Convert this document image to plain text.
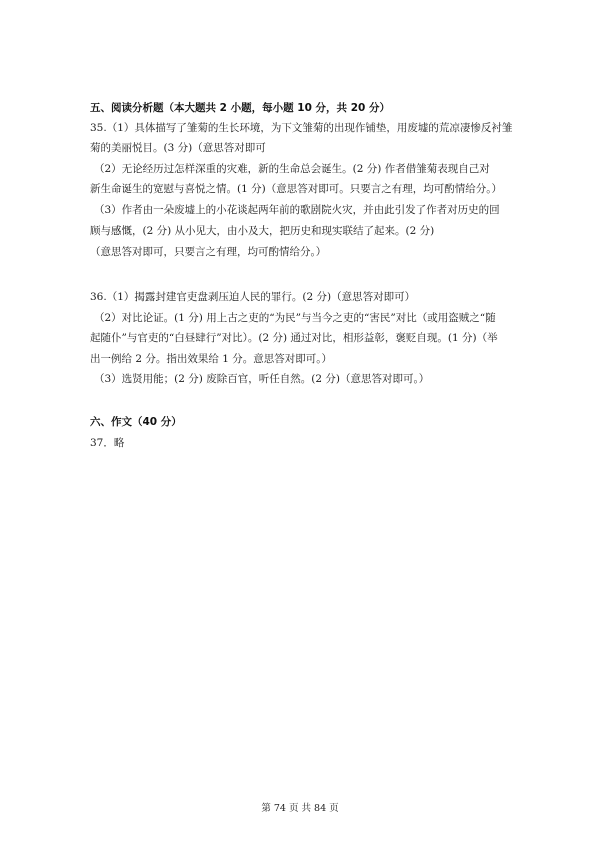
五、阅读分析题（本大题共 2 小题，每小题 10 分，共 20 分）
35.（1）具体描写了雏菊的生长环境，为下文雏菊的出现作铺垫，用废墟的荒凉凄惨反衬雏
菊的美丽悦目。(3 分)（意思答对即可
（2）无论经历过怎样深重的灾难，新的生命总会诞生。(2 分) 作者借雏菊表现自己对
新生命诞生的宽慰与喜悦之情。(1 分)（意思答对即可。只要言之有理，均可酌情给分。）
（3）作者由一朵废墟上的小花谈起两年前的歌剧院火灾，并由此引发了作者对历史的回
顾与感慨，(2 分) 从小见大，由小及大，把历史和现实联结了起来。(2 分)
（意思答对即可，只要言之有理，均可酌情给分。）
36.（1）揭露封建官吏盘剥压迫人民的罪行。(2 分)（意思答对即可）
（2）对比论证。(1 分) 用上古之吏的“为民”与当今之吏的“害民”对比（或用盗贼之“随
起随仆”与官吏的“白昼肆行”对比）。(2 分) 通过对比，相形益彰，褒贬自现。(1 分)（举
出一例给 2 分。指出效果给 1 分。意思答对即可。）
（3）选贤用能；(2 分) 废除百官，听任自然。(2 分)（意思答对即可。）
六、作文（40 分）
37．略
第 74 页 共 84 页
